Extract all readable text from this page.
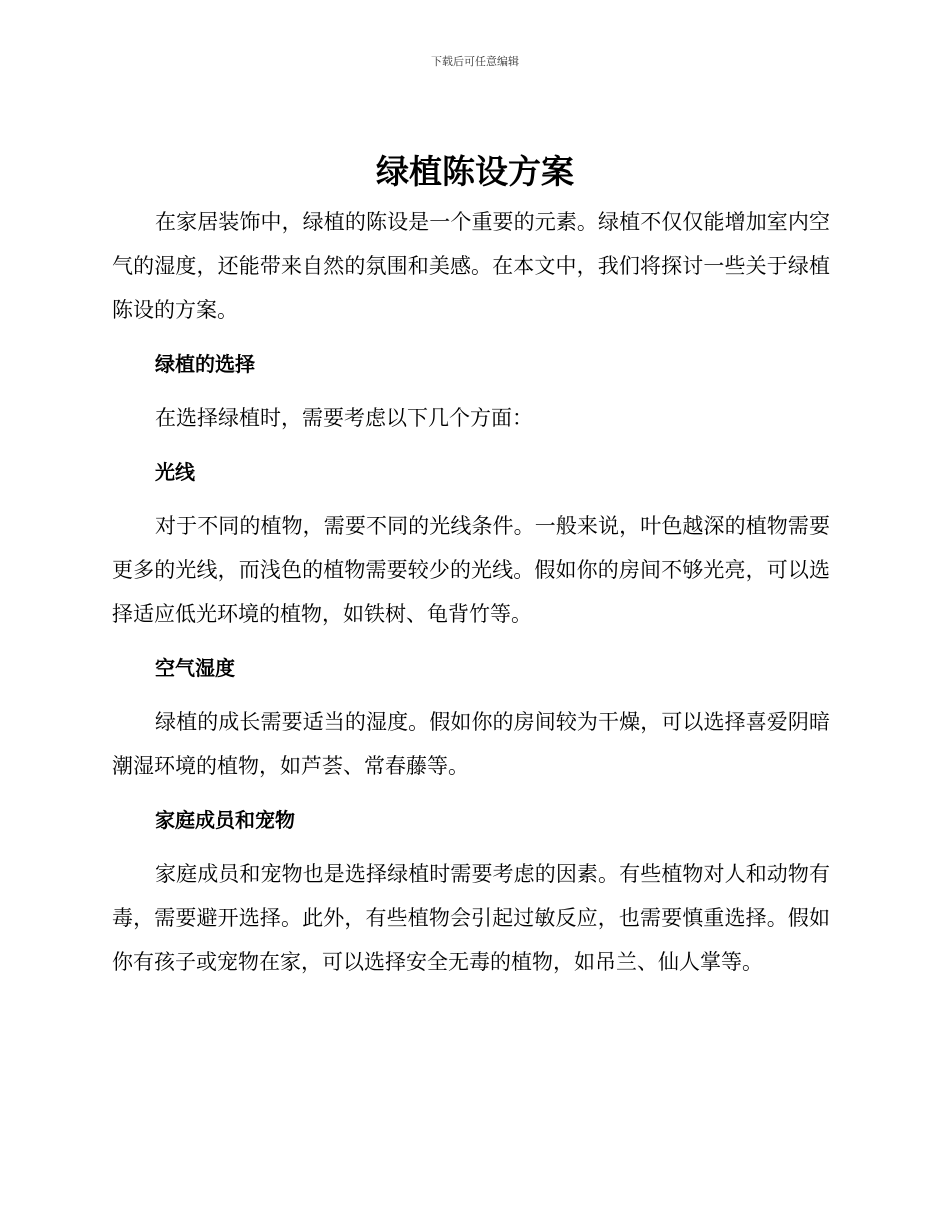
下载后可任意编辑
绿植陈设方案

在家居装饰中，绿植的陈设是一个重要的元素。绿植不仅仅能增加室内空气的湿度，还能带来自然的氛围和美感。在本文中，我们将探讨一些关于绿植陈设的方案。

绿植的选择

在选择绿植时，需要考虑以下几个方面：

光线

对于不同的植物，需要不同的光线条件。一般来说，叶色越深的植物需要更多的光线，而浅色的植物需要较少的光线。假如你的房间不够光亮，可以选择适应低光环境的植物，如铁树、龟背竹等。

空气湿度

绿植的成长需要适当的湿度。假如你的房间较为干燥，可以选择喜爱阴暗潮湿环境的植物，如芦荟、常春藤等。

家庭成员和宠物

家庭成员和宠物也是选择绿植时需要考虑的因素。有些植物对人和动物有毒，需要避开选择。此外，有些植物会引起过敏反应，也需要慎重选择。假如你有孩子或宠物在家，可以选择安全无毒的植物，如吊兰、仙人掌等。
